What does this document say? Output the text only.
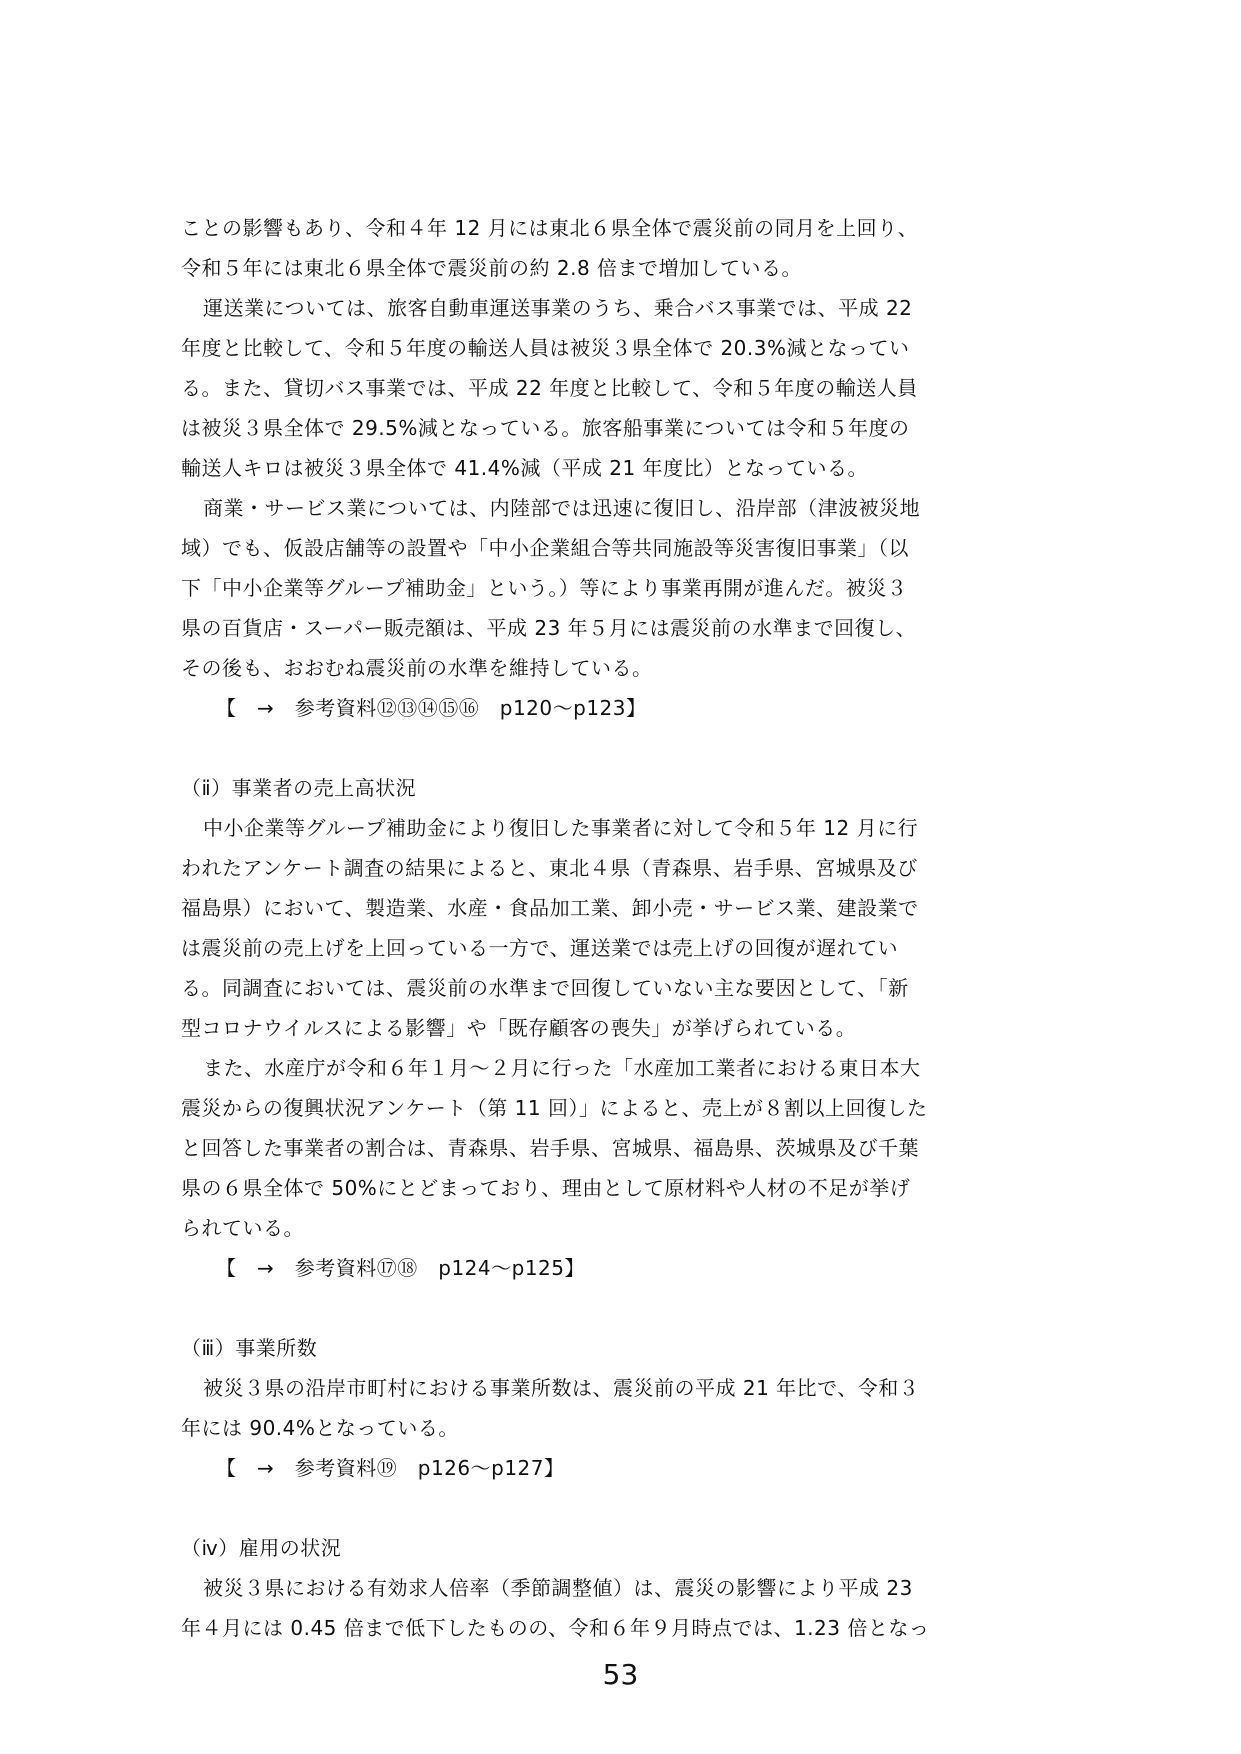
ことの影響もあり、令和４年 12 月には東北６県全体で震災前の同月を上回り、
令和５年には東北６県全体で震災前の約 2.8 倍まで増加している。
運送業については、旅客自動車運送事業のうち、乗合バス事業では、平成 22
年度と比較して、令和５年度の輸送人員は被災３県全体で 20.3%減となってい
る。また、貸切バス事業では、平成 22 年度と比較して、令和５年度の輸送人員
は被災３県全体で 29.5%減となっている。旅客船事業については令和５年度の
輸送人キロは被災３県全体で 41.4%減（平成 21 年度比）となっている。
商業・サービス業については、内陸部では迅速に復旧し、沿岸部（津波被災地
域）でも、仮設店舗等の設置や「中小企業組合等共同施設等災害復旧事業」（以
下「中小企業等グループ補助金」という。）等により事業再開が進んだ。被災３
県の百貨店・スーパー販売額は、平成 23 年５月には震災前の水準まで回復し、
その後も、おおむね震災前の水準を維持している。
【　→　参考資料⑫⑬⑭⑮⑯　p120～p123】
（ⅱ）事業者の売上高状況
中小企業等グループ補助金により復旧した事業者に対して令和５年 12 月に行
われたアンケート調査の結果によると、東北４県（青森県、岩手県、宮城県及び
福島県）において、製造業、水産・食品加工業、卸小売・サービス業、建設業で
は震災前の売上げを上回っている一方で、運送業では売上げの回復が遅れてい
る。同調査においては、震災前の水準まで回復していない主な要因として、「新
型コロナウイルスによる影響」や「既存顧客の喪失」が挙げられている。
また、水産庁が令和６年１月～２月に行った「水産加工業者における東日本大
震災からの復興状況アンケート（第 11 回）」によると、売上が８割以上回復した
と回答した事業者の割合は、青森県、岩手県、宮城県、福島県、茨城県及び千葉
県の６県全体で 50%にとどまっており、理由として原材料や人材の不足が挙げ
られている。
【　→　参考資料⑰⑱　p124～p125】
（ⅲ）事業所数
被災３県の沿岸市町村における事業所数は、震災前の平成 21 年比で、令和３
年には 90.4%となっている。
【　→　参考資料⑲　p126～p127】
（ⅳ）雇用の状況
被災３県における有効求人倍率（季節調整値）は、震災の影響により平成 23
年４月には 0.45 倍まで低下したものの、令和６年９月時点では、1.23 倍となっ
53
